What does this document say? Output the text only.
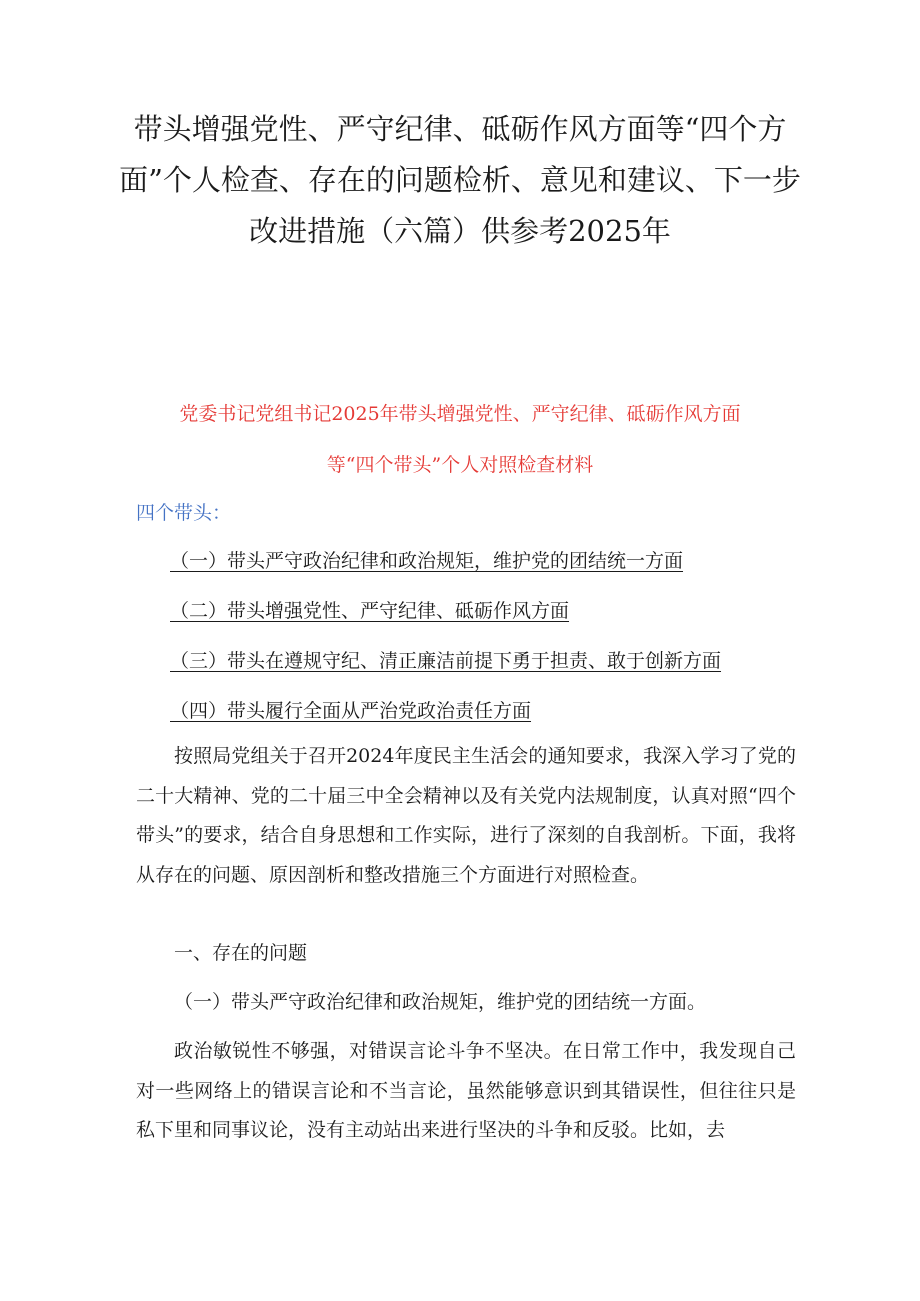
带头增强党性、严守纪律、砥砺作风方面等“四个方面”个人检查、存在的问题检析、意见和建议、下一步改进措施（六篇）供参考2025年

党委书记党组书记2025年带头增强党性、严守纪律、砥砺作风方面

等“四个带头”个人对照检查材料

四个带头：

（一）带头严守政治纪律和政治规矩，维护党的团结统一方面
（二）带头增强党性、严守纪律、砥砺作风方面
（三）带头在遵规守纪、清正廉洁前提下勇于担责、敢于创新方面
（四）带头履行全面从严治党政治责任方面

按照局党组关于召开2024年度民主生活会的通知要求，我深入学习了党的二十大精神、党的二十届三中全会精神以及有关党内法规制度，认真对照“四个带头”的要求，结合自身思想和工作实际，进行了深刻的自我剖析。下面，我将从存在的问题、原因剖析和整改措施三个方面进行对照检查。

一、存在的问题

（一）带头严守政治纪律和政治规矩，维护党的团结统一方面。

政治敏锐性不够强，对错误言论斗争不坚决。在日常工作中，我发现自己对一些网络上的错误言论和不当言论，虽然能够意识到其错误性，但往往只是私下里和同事议论，没有主动站出来进行坚决的斗争和反驳。比如，去
